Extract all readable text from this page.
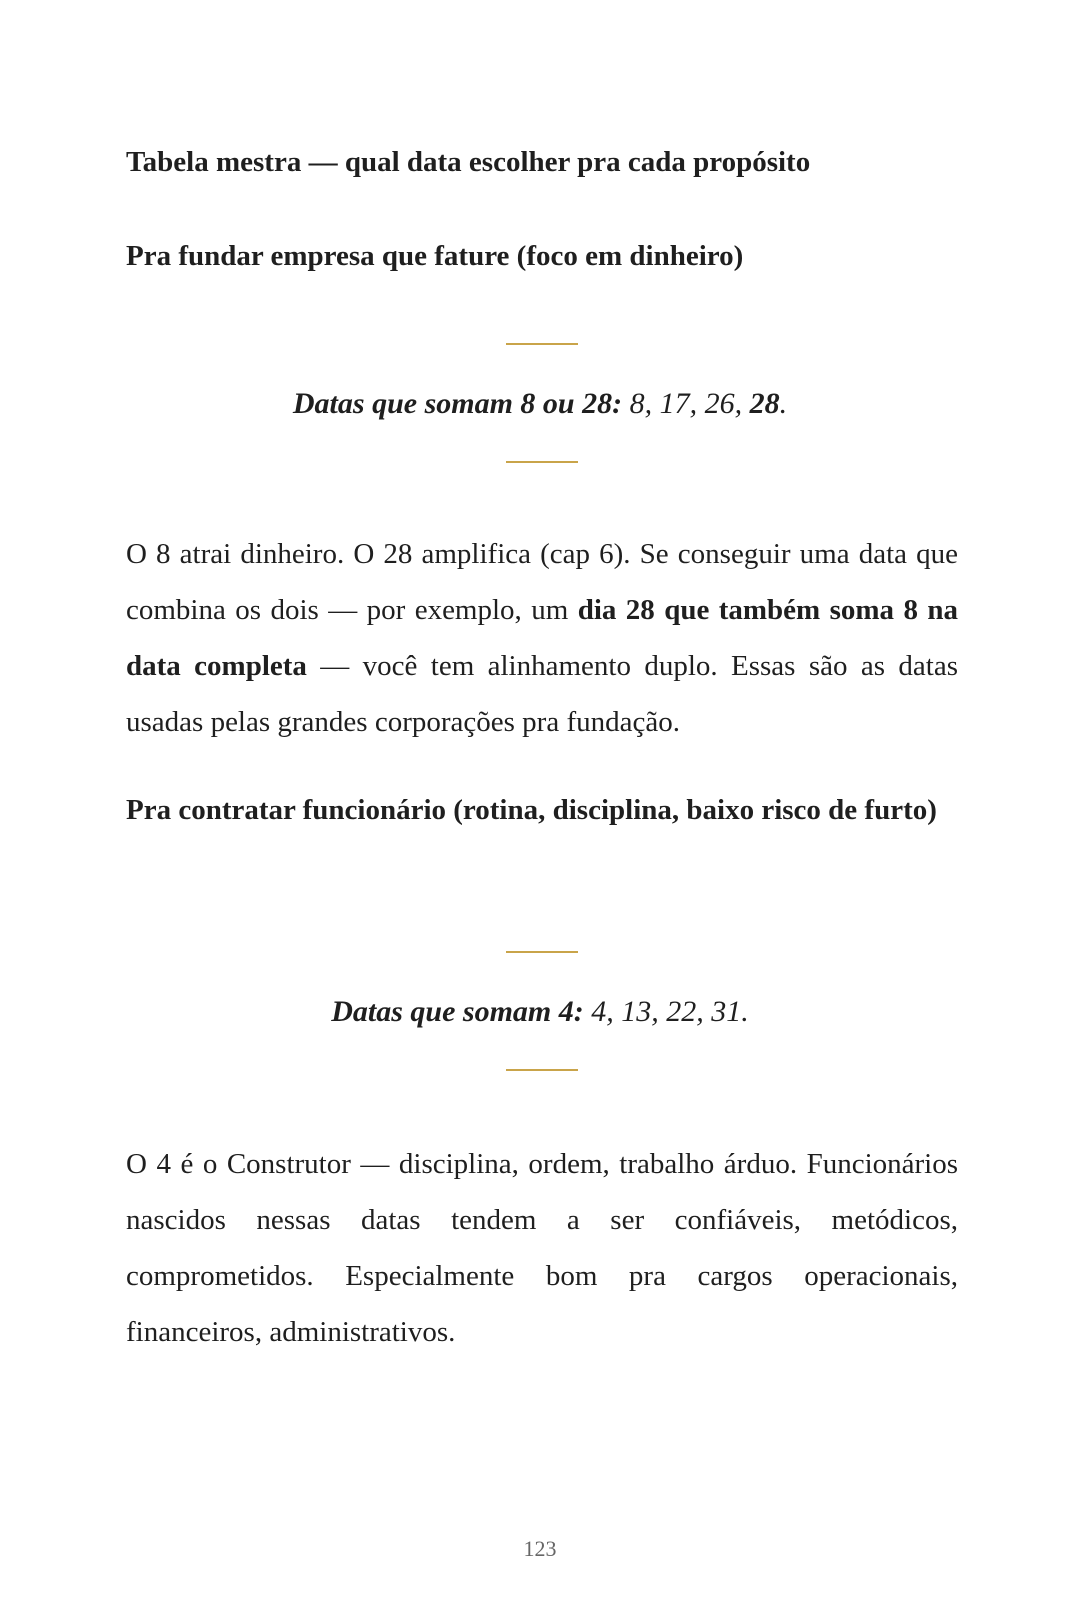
Tabela mestra — qual data escolher pra cada propósito
Pra fundar empresa que fature (foco em dinheiro)
Datas que somam 8 ou 28: 8, 17, 26, 28.

O 8 atrai dinheiro. O 28 amplifica (cap 6). Se conseguir uma data que combina os dois — por exemplo, um dia 28 que também soma 8 na data completa — você tem alinhamento duplo. Essas são as datas usadas pelas grandes corporações pra fundação.

Pra contratar funcionário (rotina, disciplina, baixo risco de furto)
Datas que somam 4: 4, 13, 22, 31.

O 4 é o Construtor — disciplina, ordem, trabalho árduo. Funcionários nascidos nessas datas tendem a ser confiáveis, metódicos, comprometidos. Especialmente bom pra cargos operacionais, financeiros, administrativos.

123
